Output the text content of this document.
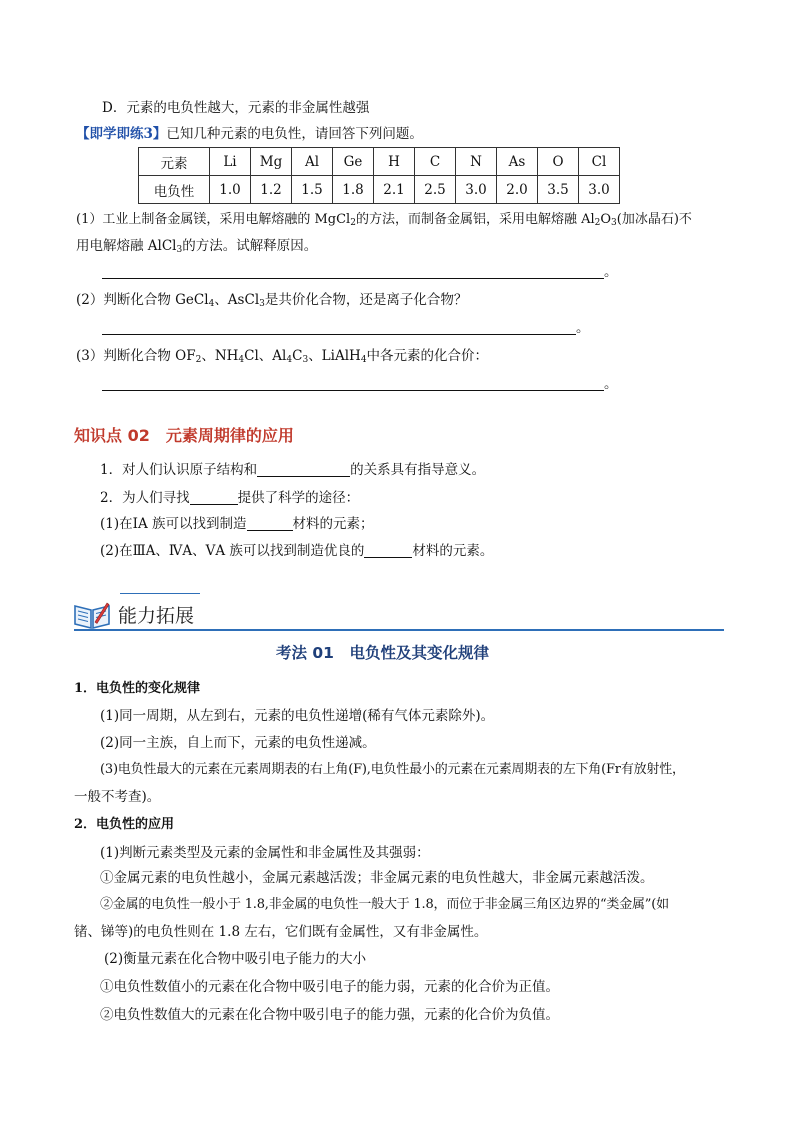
D．元素的电负性越大，元素的非金属性越强
【即学即练3】已知几种元素的电负性，请回答下列问题。
元素	Li	Mg	Al	Ge	H	C	N	As	O	Cl
电负性	1.0	1.2	1.5	1.8	2.1	2.5	3.0	2.0	3.5	3.0
(1）工业上制备金属镁，采用电解熔融的 MgCl$_2$的方法，而制备金属铝，采用电解熔融 $Al_2O_3$(加冰晶石)不
用电解熔融 AlCl$_3$的方法。试解释原因。
。
(2）判断化合物 GeCl$_4$、AsCl$_3$是共价化合物，还是离子化合物？
。
(3）判断化合物 $OF_2$、$NH_4Cl$、$Al_4C_3$、LiAlH$_4$中各元素的化合价：
。
知识点 02　元素周期律的应用
1．对人们认识原子结构和	的关系具有指导意义。
2．为人们寻找	提供了科学的途径：
(1)在ⅠA 族可以找到制造	材料的元素；
(2)在ⅢA、ⅣA、ⅤA 族可以找到制造优良的	材料的元素。
能力拓展
考法 01　电负性及其变化规律
1．电负性的变化规律
(1)同一周期，从左到右，元素的电负性递增(稀有气体元素除外)。
(2)同一主族，自上而下，元素的电负性递减。
(3)电负性最大的元素在元素周期表的右上角(F),电负性最小的元素在元素周期表的左下角(Fr有放射性，
一般不考查)。
2．电负性的应用
(1)判断元素类型及元素的金属性和非金属性及其强弱：
①金属元素的电负性越小，金属元素越活泼；非金属元素的电负性越大，非金属元素越活泼。
②金属的电负性一般小于 1.8,非金属的电负性一般大于 1.8，而位于非金属三角区边界的“类金属”(如
锗、锑等)的电负性则在 1.8 左右，它们既有金属性，又有非金属性。
(2)衡量元素在化合物中吸引电子能力的大小
①电负性数值小的元素在化合物中吸引电子的能力弱，元素的化合价为正值。
②电负性数值大的元素在化合物中吸引电子的能力强，元素的化合价为负值。
